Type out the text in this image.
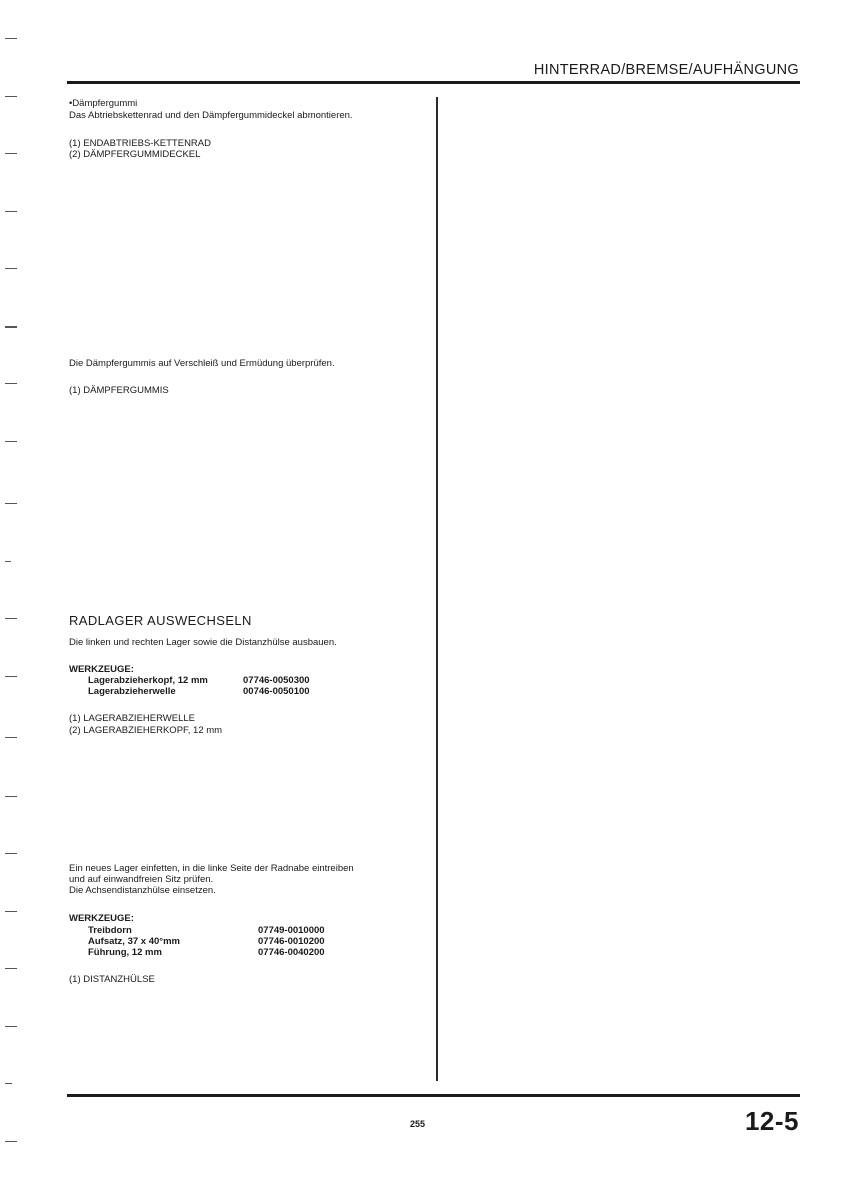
HINTERRAD/BREMSE/AUFHÄNGUNG
•Dämpfergummi
Das Abtriebskettenrad und den Dämpfergummideckel abmontieren.
(1) ENDABTRIEBS-KETTENRAD
(2) DÄMPFERGUMMIDECKEL
Die Dämpfergummis auf Verschleiß und Ermüdung überprüfen.
(1) DÄMPFERGUMMIS
RADLAGER AUSWECHSELN
Die linken und rechten Lager sowie die Distanzhülse ausbauen.
WERKZEUGE:
Lagerabzieherkopf, 12 mm	07746-0050300
Lagerabzieherwelle	00746-0050100
(1) LAGERABZIEHERWELLE
(2) LAGERABZIEHERKOPF, 12 mm
Ein neues Lager einfetten, in die linke Seite der Radnabe eintreiben
und auf einwandfreien Sitz prüfen.
Die Achsendistanzhülse einsetzen.
WERKZEUGE:
Treibdorn	07749-0010000
Aufsatz, 37 x 40°mm	07746-0010200
Führung, 12 mm	07746-0040200
(1) DISTANZHÜLSE
255	12-5
